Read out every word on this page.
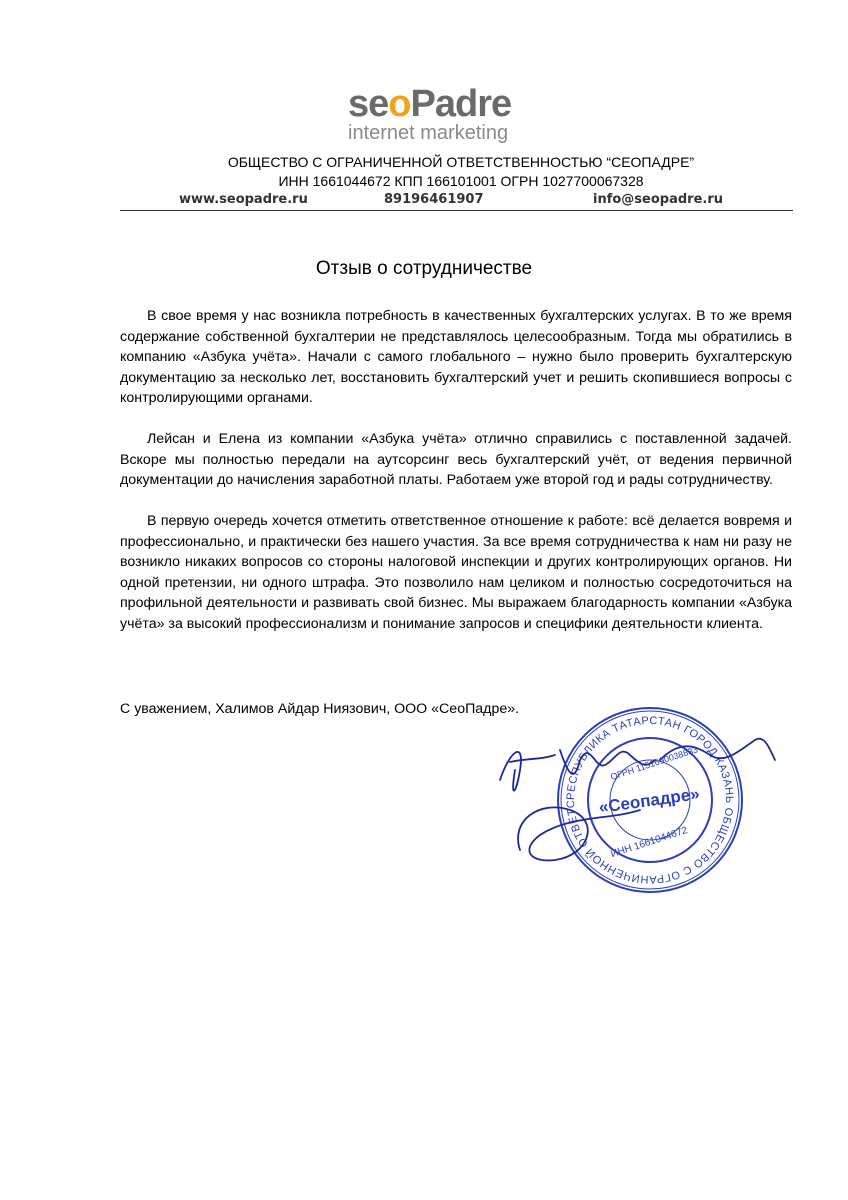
seoPadre
internet marketing
ОБЩЕСТВО С ОГРАНИЧЕННОЙ ОТВЕТСТВЕННОСТЬЮ “СЕОПАДРЕ”
ИНН 1661044672 КПП 166101001 ОГРН 1027700067328
www.seopadre.ru	89196461907	info@seopadre.ru
Отзыв о сотрудничестве

В свое время у нас возникла потребность в качественных бухгалтерских услугах. В то же время содержание собственной бухгалтерии не представлялось целесообразным. Тогда мы обратились в компанию «Азбука учёта». Начали с самого глобального – нужно было проверить бухгалтерскую документацию за несколько лет, восстановить бухгалтерский учет и решить скопившиеся вопросы с контролирующими органами.

Лейсан и Елена из компании «Азбука учёта» отлично справились с поставленной задачей. Вскоре мы полностью передали на аутсорсинг весь бухгалтерский учёт, от ведения первичной документации до начисления заработной платы. Работаем уже второй год и рады сотрудничеству.

В первую очередь хочется отметить ответственное отношение к работе: всё делается вовремя и профессионально, и практически без нашего участия. За все время сотрудничества к нам ни разу не возникло никаких вопросов со стороны налоговой инспекции и других контролирующих органов. Ни одной претензии, ни одного штрафа. Это позволило нам целиком и полностью сосредоточиться на профильной деятельности и развивать свой бизнес. Мы выражаем благодарность компании «Азбука учёта» за высокий профессионализм и понимание запросов и специфики деятельности клиента.

С уважением, Халимов Айдар Ниязович, ООО «СеоПадре».
РЕСПУБЛИКА ТАТАРСТАН ГОРОД КАЗАНЬ ОБЩЕСТВО С ОГРАНИЧЕННОЙ ОТВЕТС	«Сеопадре»
ИНН 1661044672
ОГРН 1151690038833
